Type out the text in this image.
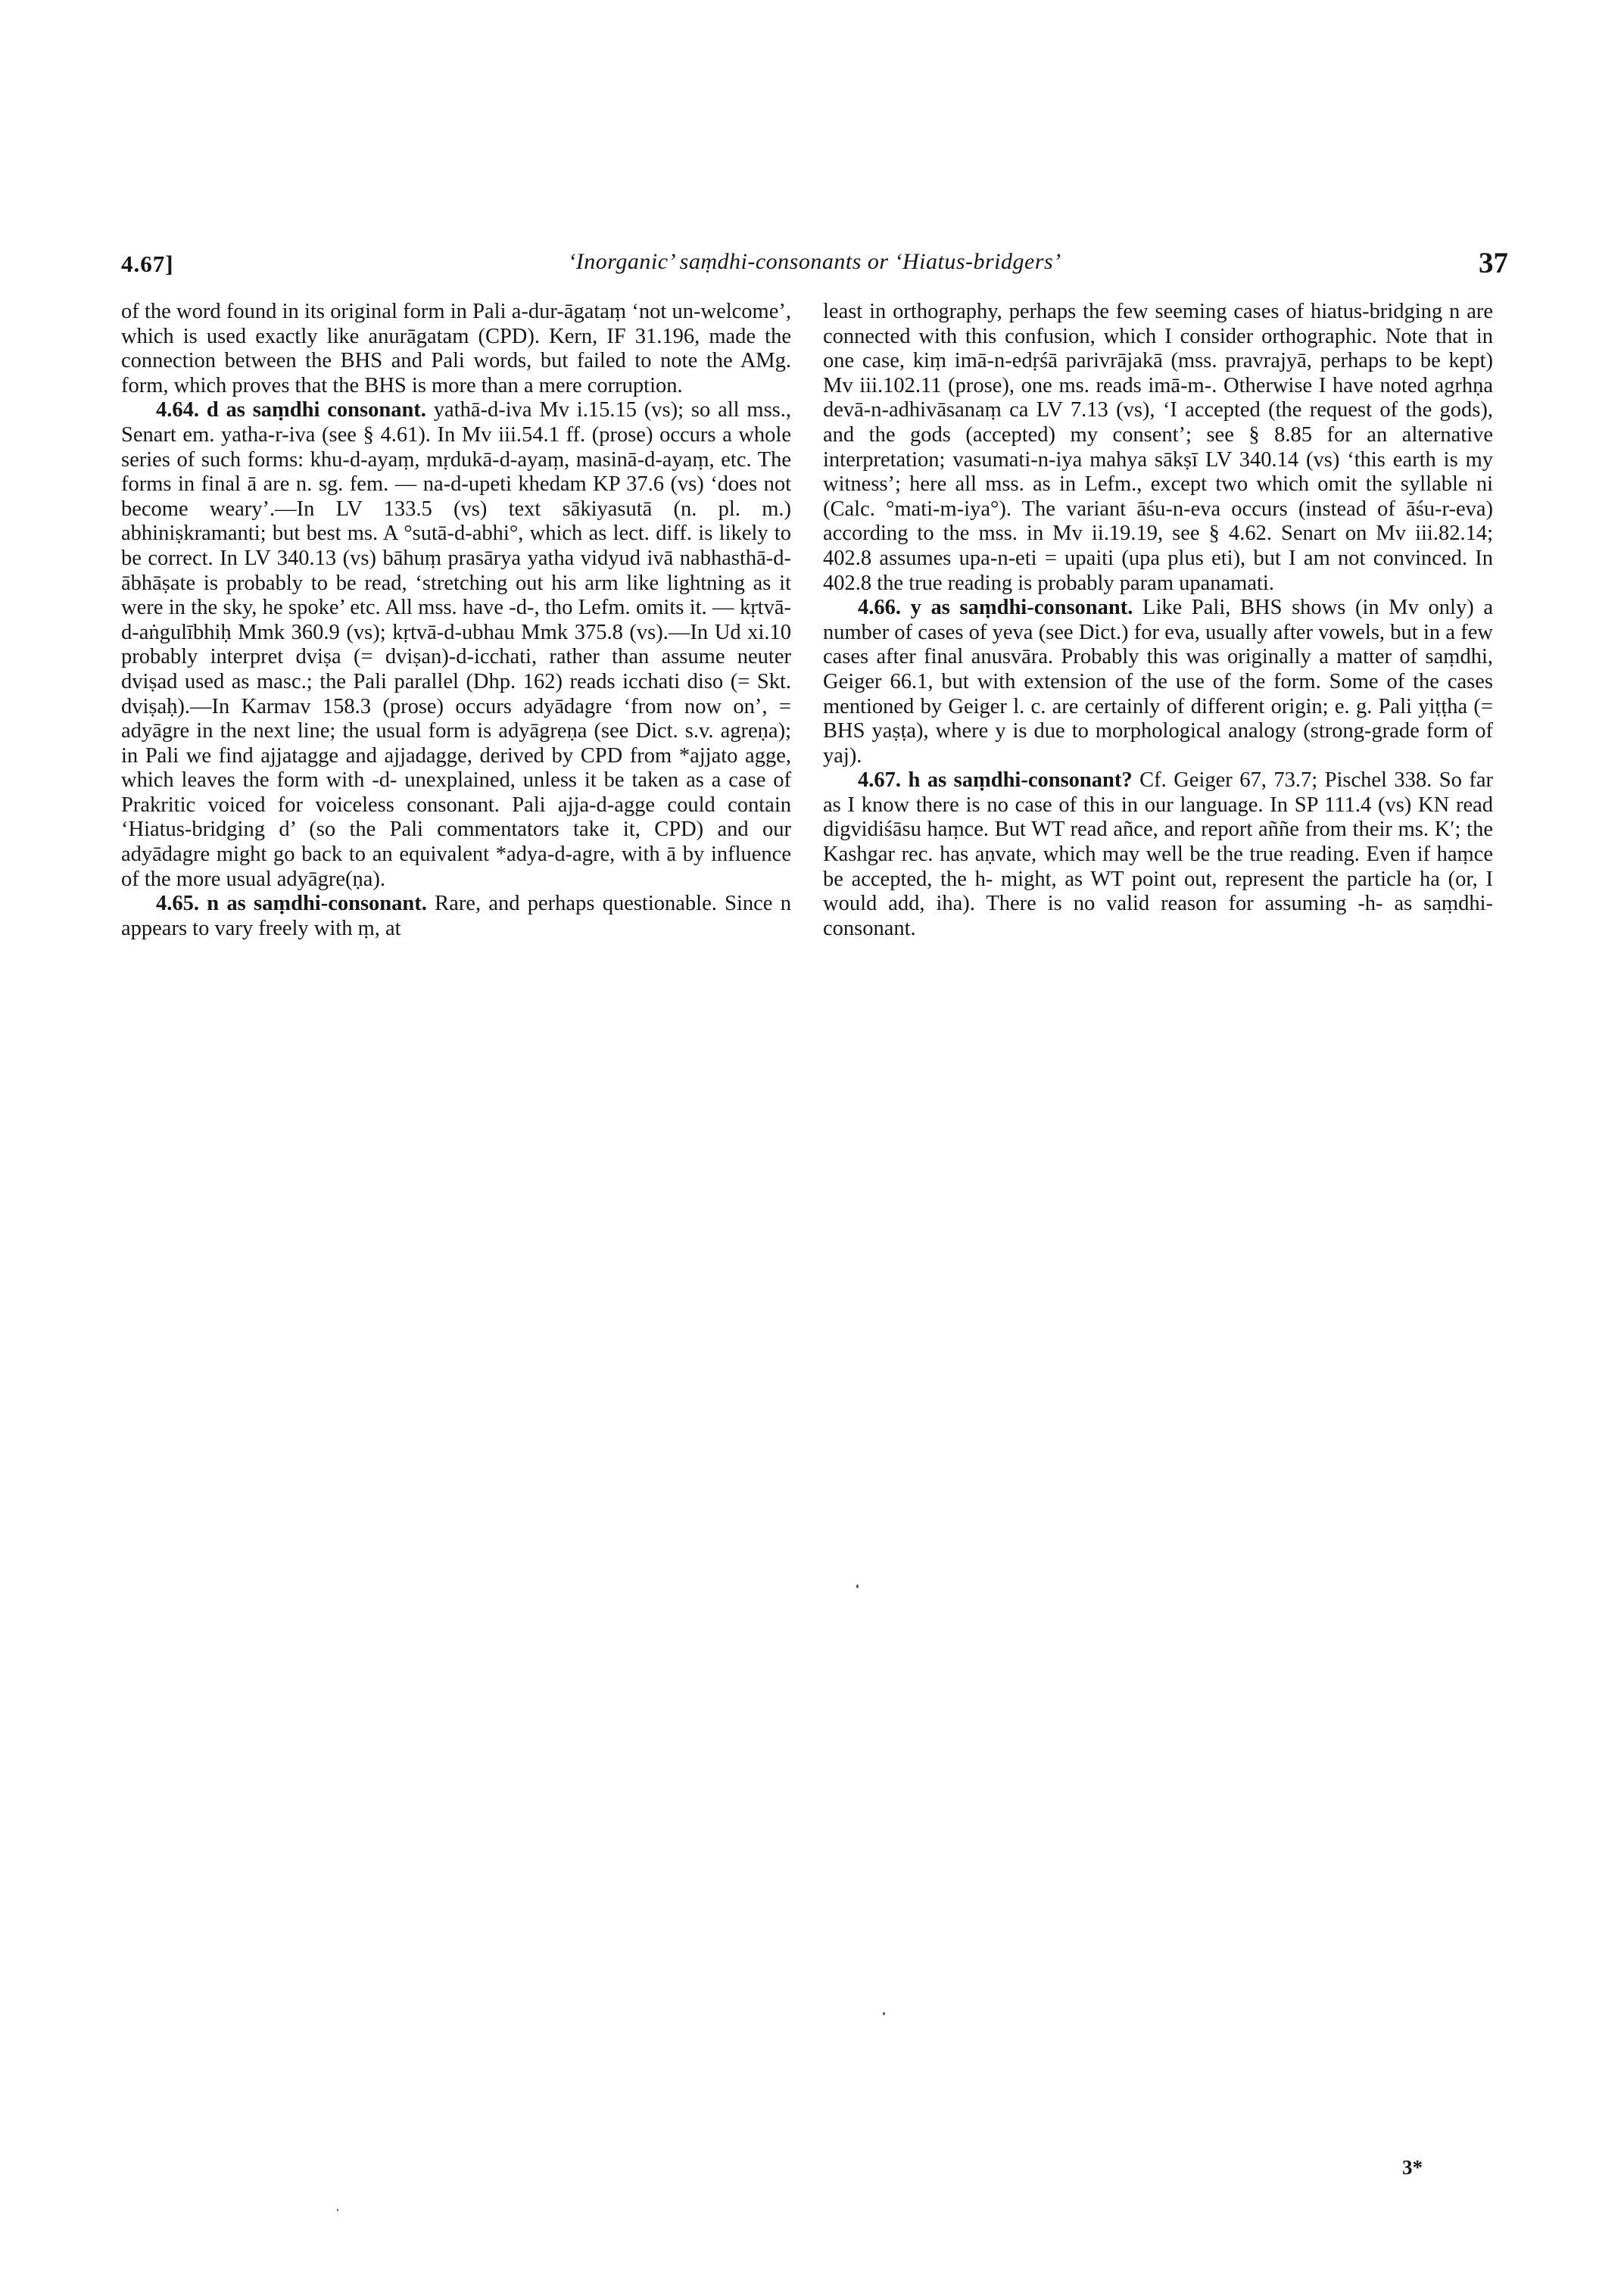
4.67]	‘Inorganic’ saṃdhi-consonants or ‘Hiatus-bridgers’	37

of the word found in its original form in Pali a-dur-āgataṃ ‘not un-welcome’, which is used exactly like anurāgatam (CPD). Kern, IF 31.196, made the connection between the BHS and Pali words, but failed to note the AMg. form, which proves that the BHS is more than a mere corruption.

4.64. d as saṃdhi consonant. yathā-d-iva Mv i.15.15 (vs); so all mss., Senart em. yatha-r-iva (see § 4.61). In Mv iii.54.1 ff. (prose) occurs a whole series of such forms: khu-d-ayaṃ, mṛdukā-d-ayaṃ, masinā-d-ayaṃ, etc. The forms in final ā are n. sg. fem. — na-d-upeti khedam KP 37.6 (vs) ‘does not become weary’.—In LV 133.5 (vs) text sākiyasutā (n. pl. m.) abhiniṣkramanti; but best ms. A °sutā-d-abhi°, which as lect. diff. is likely to be correct. In LV 340.13 (vs) bāhuṃ prasārya yatha vidyud ivā nabhasthā-d-ābhāṣate is probably to be read, ‘stretching out his arm like lightning as it were in the sky, he spoke’ etc. All mss. have -d-, tho Lefm. omits it. — kṛtvā-d-aṅgulībhiḥ Mmk 360.9 (vs); kṛtvā-d-ubhau Mmk 375.8 (vs).—In Ud xi.10 probably interpret dviṣa (= dviṣan)-d-icchati, rather than assume neuter dviṣad used as masc.; the Pali parallel (Dhp. 162) reads icchati diso (= Skt. dviṣaḥ).—In Karmav 158.3 (prose) occurs adyādagre ‘from now on’, = adyāgre in the next line; the usual form is adyāgreṇa (see Dict. s.v. agreṇa); in Pali we find ajjatagge and ajjadagge, derived by CPD from *ajjato agge, which leaves the form with -d- unexplained, unless it be taken as a case of Prakritic voiced for voiceless consonant. Pali ajja-d-agge could contain ‘Hiatus-bridging d’ (so the Pali commentators take it, CPD) and our adyādagre might go back to an equivalent *adya-d-agre, with ā by influence of the more usual adyāgre(ṇa).

4.65. n as saṃdhi-consonant. Rare, and perhaps questionable. Since n appears to vary freely with ṃ, at

least in orthography, perhaps the few seeming cases of hiatus-bridging n are connected with this confusion, which I consider orthographic. Note that in one case, kiṃ imā-n-edṛśā parivrājakā (mss. pravrajyā, perhaps to be kept) Mv iii.102.11 (prose), one ms. reads imā-m-. Otherwise I have noted agrhṇa devā-n-adhivāsanaṃ ca LV 7.13 (vs), ‘I accepted (the request of the gods), and the gods (accepted) my consent’; see § 8.85 for an alternative interpretation; vasumati-n-iya mahya sākṣī LV 340.14 (vs) ‘this earth is my witness’; here all mss. as in Lefm., except two which omit the syllable ni (Calc. °mati-m-iya°). The variant āśu-n-eva occurs (instead of āśu-r-eva) according to the mss. in Mv ii.19.19, see § 4.62. Senart on Mv iii.82.14; 402.8 assumes upa-n-eti = upaiti (upa plus eti), but I am not convinced. In 402.8 the true reading is probably param upanamati.

4.66. y as saṃdhi-consonant. Like Pali, BHS shows (in Mv only) a number of cases of yeva (see Dict.) for eva, usually after vowels, but in a few cases after final anusvāra. Probably this was originally a matter of saṃdhi, Geiger 66.1, but with extension of the use of the form. Some of the cases mentioned by Geiger l. c. are certainly of different origin; e. g. Pali yiṭṭha (= BHS yaṣṭa), where y is due to morphological analogy (strong-grade form of yaj).

4.67. h as saṃdhi-consonant? Cf. Geiger 67, 73.7; Pischel 338. So far as I know there is no case of this in our language. In SP 111.4 (vs) KN read digvidiśāsu haṃce. But WT read añce, and report aññe from their ms. K′; the Kashgar rec. has aṇvate, which may well be the true reading. Even if haṃce be accepted, the h- might, as WT point out, represent the particle ha (or, I would add, iha). There is no valid reason for assuming -h- as saṃdhi-consonant.

3*
